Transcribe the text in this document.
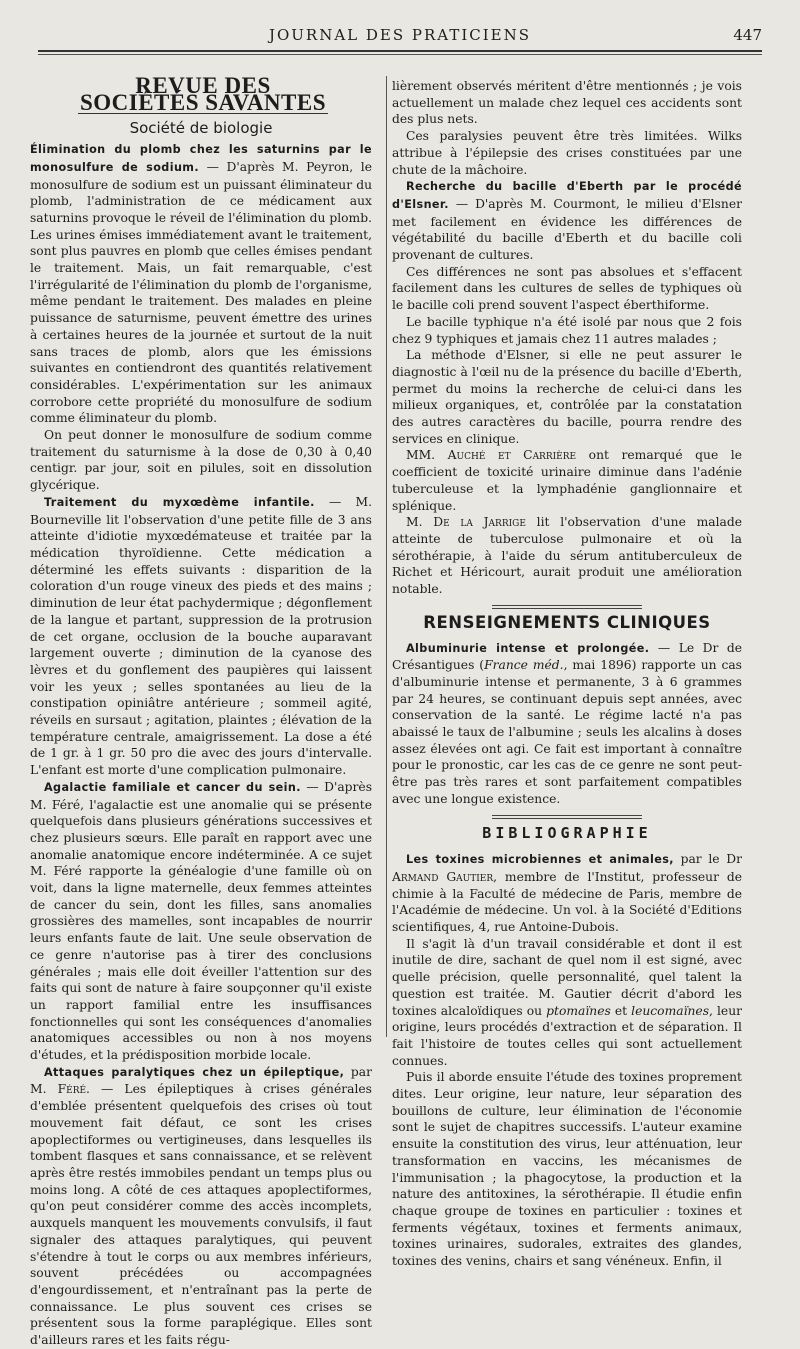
JOURNAL DES PRATICIENS	447
REVUE DES SOCIÉTÉS SAVANTES
Société de biologie

Élimination du plomb chez les saturnins par le monosulfure de sodium. — D'après M. Peyron, le monosulfure de sodium est un puissant éliminateur du plomb, l'administration de ce médicament aux saturnins provoque le réveil de l'élimination du plomb. Les urines émises immédiatement avant le traitement, sont plus pauvres en plomb que celles émises pendant le traitement. Mais, un fait remarquable, c'est l'irrégularité de l'élimination du plomb de l'organisme, même pendant le traitement. Des malades en pleine puissance de saturnisme, peuvent émettre des urines à certaines heures de la journée et surtout de la nuit sans traces de plomb, alors que les émissions suivantes en contiendront des quantités relativement considérables. L'expérimentation sur les animaux corrobore cette propriété du monosulfure de sodium comme éliminateur du plomb.

On peut donner le monosulfure de sodium comme traitement du saturnisme à la dose de 0,30 à 0,40 centigr. par jour, soit en pilules, soit en dissolution glycérique.

Traitement du myxœdème infantile. — M. Bourneville lit l'observation d'une petite fille de 3 ans atteinte d'idiotie myxœdémateuse et traitée par la médication thyroïdienne. Cette médication a déterminé les effets suivants : disparition de la coloration d'un rouge vineux des pieds et des mains ; diminution de leur état pachydermique ; dégonflement de la langue et partant, suppression de la protrusion de cet organe, occlusion de la bouche auparavant largement ouverte ; diminution de la cyanose des lèvres et du gonflement des paupières qui laissent voir les yeux ; selles spontanées au lieu de la constipation opiniâtre antérieure ; sommeil agité, réveils en sursaut ; agitation, plaintes ; élévation de la température centrale, amaigrissement. La dose a été de 1 gr. à 1 gr. 50 pro die avec des jours d'intervalle. L'enfant est morte d'une complication pulmonaire.

Agalactie familiale et cancer du sein. — D'après M. Féré, l'agalactie est une anomalie qui se présente quelquefois dans plusieurs générations successives et chez plusieurs sœurs. Elle paraît en rapport avec une anomalie anatomique encore indéterminée. A ce sujet M. Féré rapporte la généalogie d'une famille où on voit, dans la ligne maternelle, deux femmes atteintes de cancer du sein, dont les filles, sans anomalies grossières des mamelles, sont incapables de nourrir leurs enfants faute de lait. Une seule observation de ce genre n'autorise pas à tirer des conclusions générales ; mais elle doit éveiller l'attention sur des faits qui sont de nature à faire soupçonner qu'il existe un rapport familial entre les insuffisances fonctionnelles qui sont les conséquences d'anomalies anatomiques accessibles ou non à nos moyens d'études, et la prédisposition morbide locale.

Attaques paralytiques chez un épileptique, par M. Féré. — Les épileptiques à crises générales d'emblée présentent quelquefois des crises où tout mouvement fait défaut, ce sont les crises apoplectiformes ou vertigineuses, dans lesquelles ils tombent flasques et sans connaissance, et se relèvent après être restés immobiles pendant un temps plus ou moins long. A côté de ces attaques apoplectiformes, qu'on peut considérer comme des accès incomplets, auxquels manquent les mouvements convulsifs, il faut signaler des attaques paralytiques, qui peuvent s'étendre à tout le corps ou aux membres inférieurs, souvent précédées ou accompagnées d'engourdissement, et n'entraînant pas la perte de connaissance. Le plus souvent ces crises se présentent sous la forme paraplégique. Elles sont d'ailleurs rares et les faits régu-

lièrement observés méritent d'être mentionnés ; je vois actuellement un malade chez lequel ces accidents sont des plus nets.

Ces paralysies peuvent être très limitées. Wilks attribue à l'épilepsie des crises constituées par une chute de la mâchoire.

Recherche du bacille d'Eberth par le procédé d'Elsner. — D'après M. Courmont, le milieu d'Elsner met facilement en évidence les différences de végétabilité du bacille d'Eberth et du bacille coli provenant de cultures.

Ces différences ne sont pas absolues et s'effacent facilement dans les cultures de selles de typhiques où le bacille coli prend souvent l'aspect éberthiforme.

Le bacille typhique n'a été isolé par nous que 2 fois chez 9 typhiques et jamais chez 11 autres malades ;

La méthode d'Elsner, si elle ne peut assurer le diagnostic à l'œil nu de la présence du bacille d'Eberth, permet du moins la recherche de celui-ci dans les milieux organiques, et, contrôlée par la constatation des autres caractères du bacille, pourra rendre des services en clinique.

MM. Auché et Carrière ont remarqué que le coefficient de toxicité urinaire diminue dans l'adénie tuberculeuse et la lymphadénie ganglionnaire et splénique.

M. De la Jarrige lit l'observation d'une malade atteinte de tuberculose pulmonaire et où la sérothérapie, à l'aide du sérum antituberculeux de Richet et Héricourt, aurait produit une amélioration notable.

RENSEIGNEMENTS CLINIQUES

Albuminurie intense et prolongée. — Le Dr de Crésantigues (France méd., mai 1896) rapporte un cas d'albuminurie intense et permanente, 3 à 6 grammes par 24 heures, se continuant depuis sept années, avec conservation de la santé. Le régime lacté n'a pas abaissé le taux de l'albumine ; seuls les alcalins à doses assez élevées ont agi. Ce fait est important à connaître pour le pronostic, car les cas de ce genre ne sont peut-être pas très rares et sont parfaitement compatibles avec une longue existence.

BIBLIOGRAPHIE

Les toxines microbiennes et animales, par le Dr Armand Gautier, membre de l'Institut, professeur de chimie à la Faculté de médecine de Paris, membre de l'Académie de médecine. Un vol. à la Société d'Editions scientifiques, 4, rue Antoine-Dubois.

Il s'agit là d'un travail considérable et dont il est inutile de dire, sachant de quel nom il est signé, avec quelle précision, quelle personnalité, quel talent la question est traitée. M. Gautier décrit d'abord les toxines alcaloïdiques ou ptomaïnes et leucomaïnes, leur origine, leurs procédés d'extraction et de séparation. Il fait l'histoire de toutes celles qui sont actuellement connues.

Puis il aborde ensuite l'étude des toxines proprement dites. Leur origine, leur nature, leur séparation des bouillons de culture, leur élimination de l'économie sont le sujet de chapitres successifs. L'auteur examine ensuite la constitution des virus, leur atténuation, leur transformation en vaccins, les mécanismes de l'immunisation ; la phagocytose, la production et la nature des antitoxines, la sérothérapie. Il étudie enfin chaque groupe de toxines en particulier : toxines et ferments végétaux, toxines et ferments animaux, toxines urinaires, sudorales, extraites des glandes, toxines des venins, chairs et sang vénéneux. Enfin, il
